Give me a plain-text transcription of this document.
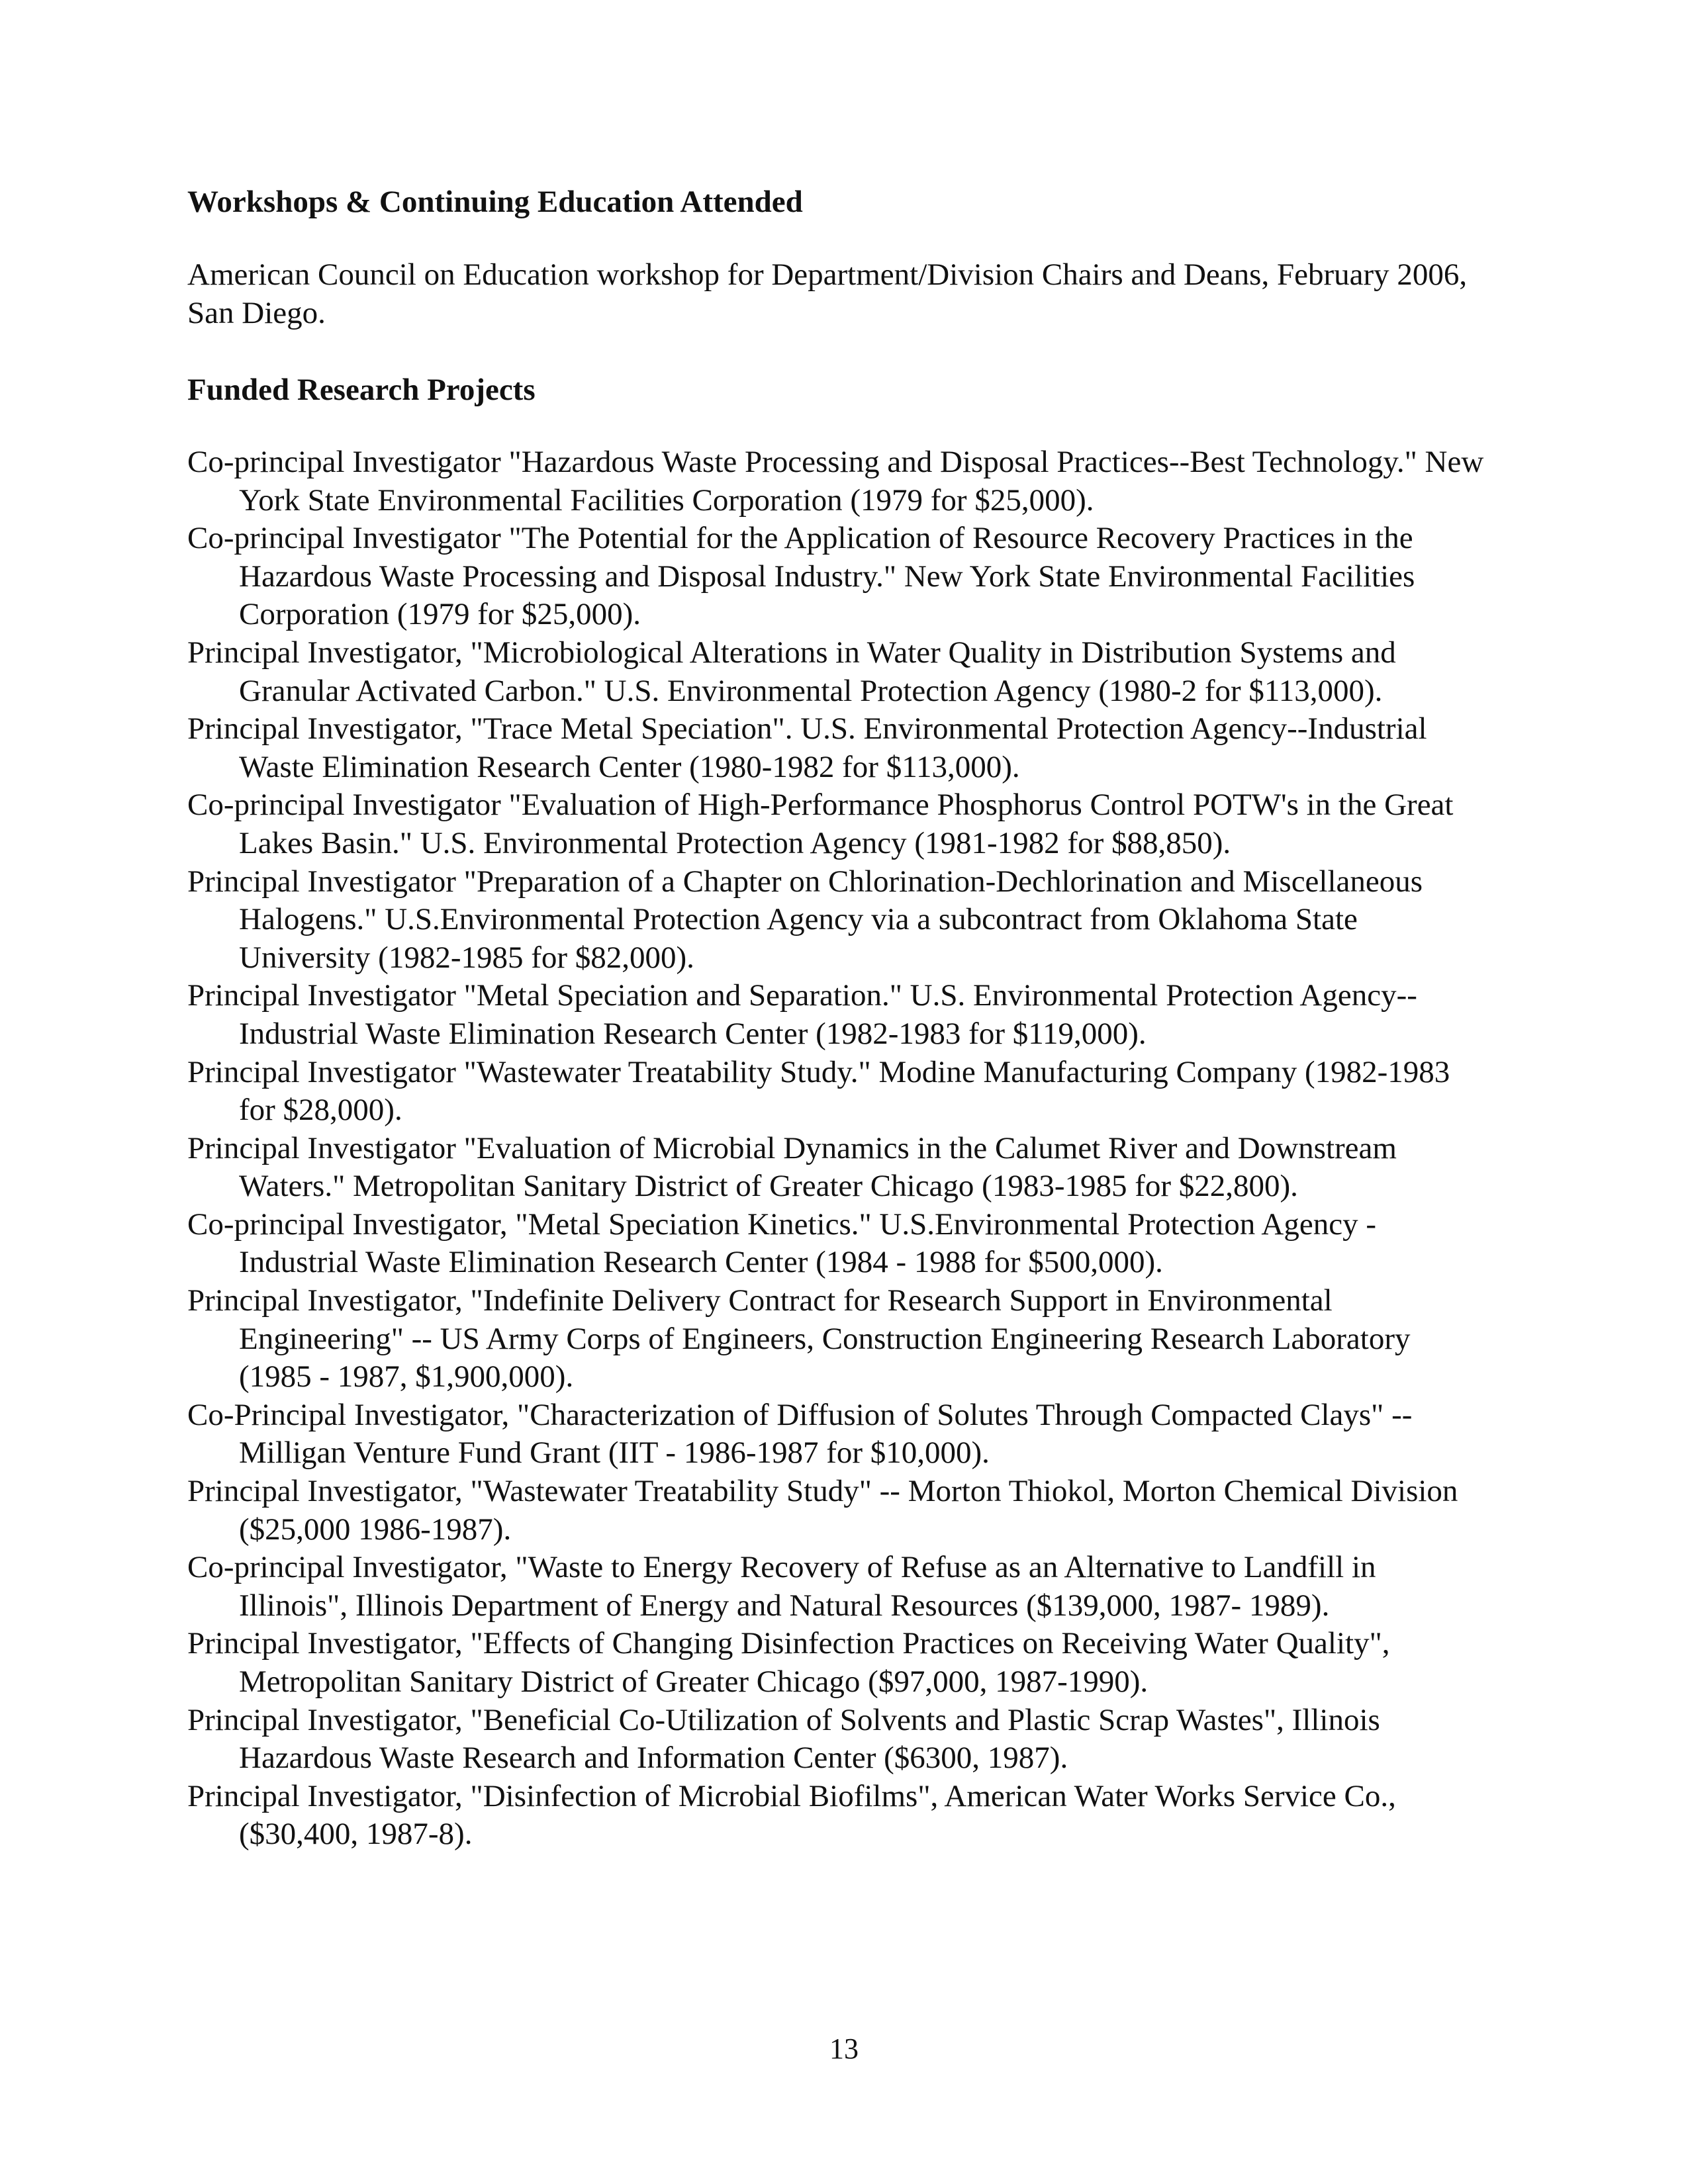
Workshops & Continuing Education Attended

American Council on Education workshop for Department/Division Chairs and Deans, February 2006, San Diego.

Funded Research Projects
Co-principal Investigator "Hazardous Waste Processing and Disposal Practices--Best Technology." New York State Environmental Facilities Corporation (1979 for $25,000).
Co-principal Investigator "The Potential for the Application of Resource Recovery Practices in the Hazardous Waste Processing and Disposal Industry." New York State Environmental Facilities Corporation (1979 for $25,000).
Principal Investigator, "Microbiological Alterations in Water Quality in Distribution Systems and Granular Activated Carbon." U.S. Environmental Protection Agency (1980-2 for $113,000).
Principal Investigator, "Trace Metal Speciation". U.S. Environmental Protection Agency--Industrial Waste Elimination Research Center (1980-1982 for $113,000).
Co-principal Investigator "Evaluation of High-Performance Phosphorus Control POTW's in the Great Lakes Basin." U.S. Environmental Protection Agency (1981-1982 for $88,850).
Principal Investigator "Preparation of a Chapter on Chlorination-Dechlorination and Miscellaneous Halogens." U.S.Environmental Protection Agency via a subcontract from Oklahoma State University (1982-1985 for $82,000).
Principal Investigator "Metal Speciation and Separation." U.S. Environmental Protection Agency--Industrial Waste Elimination Research Center (1982-1983 for $119,000).
Principal Investigator "Wastewater Treatability Study." Modine Manufacturing Company (1982-1983 for $28,000).
Principal Investigator "Evaluation of Microbial Dynamics in the Calumet River and Downstream Waters." Metropolitan Sanitary District of Greater Chicago (1983-1985 for $22,800).
Co-principal Investigator, "Metal Speciation Kinetics." U.S.Environmental Protection Agency - Industrial Waste Elimination Research Center (1984 - 1988 for $500,000).
Principal Investigator, "Indefinite Delivery Contract for Research Support in Environmental Engineering" -- US Army Corps of Engineers, Construction Engineering Research Laboratory (1985 - 1987, $1,900,000).
Co-Principal Investigator, "Characterization of Diffusion of Solutes Through Compacted Clays" -- Milligan Venture Fund Grant (IIT - 1986-1987 for $10,000).
Principal Investigator, "Wastewater Treatability Study" -- Morton Thiokol, Morton Chemical Division ($25,000 1986-1987).
Co-principal Investigator, "Waste to Energy Recovery of Refuse as an Alternative to Landfill in Illinois", Illinois Department of Energy and Natural Resources ($139,000, 1987- 1989).
Principal Investigator, "Effects of Changing Disinfection Practices on Receiving Water Quality", Metropolitan Sanitary District of Greater Chicago ($97,000, 1987-1990).
Principal Investigator, "Beneficial Co-Utilization of Solvents and Plastic Scrap Wastes", Illinois Hazardous Waste Research and Information Center ($6300, 1987).
Principal Investigator, "Disinfection of Microbial Biofilms", American Water Works Service Co., ($30,400, 1987-8).
13
